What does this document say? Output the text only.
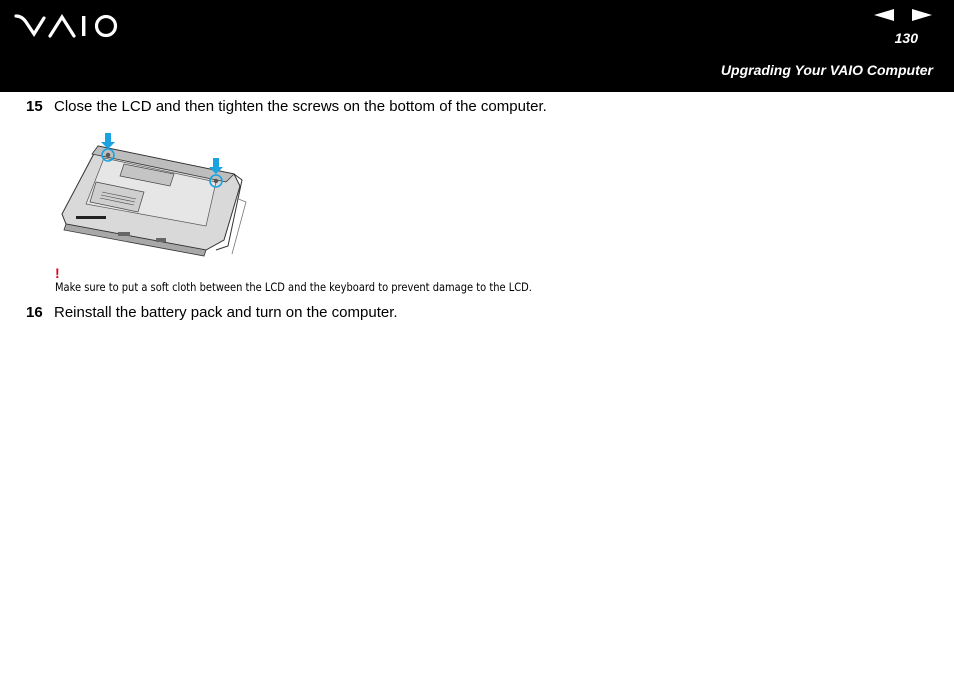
130
Upgrading Your VAIO Computer
15 Close the LCD and then tighten the screws on the bottom of the computer.
!
Make sure to put a soft cloth between the LCD and the keyboard to prevent damage to the LCD.
16 Reinstall the battery pack and turn on the computer.
